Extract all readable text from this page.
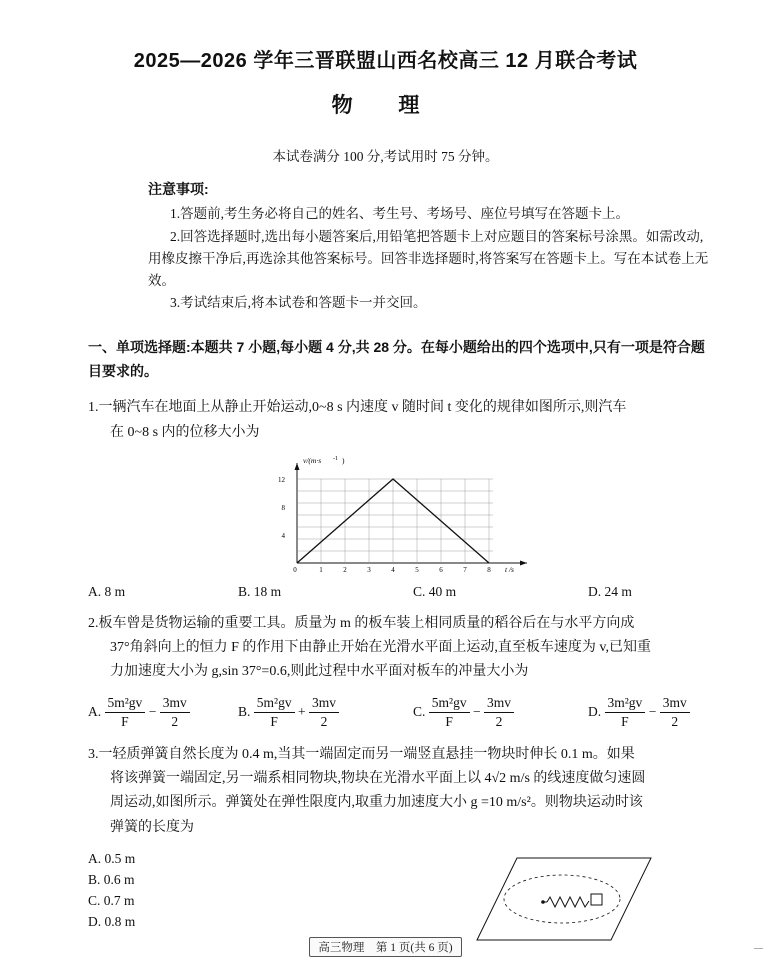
2025—2026 学年三晋联盟山西名校高三 12 月联合考试
物 理
本试卷满分 100 分,考试用时 75 分钟。
注意事项:

1.答题前,考生务必将自己的姓名、考生号、考场号、座位号填写在答题卡上。

2.回答选择题时,选出每小题答案后,用铅笔把答题卡上对应题目的答案标号涂黑。如需改动,用橡皮擦干净后,再选涂其他答案标号。回答非选择题时,将答案写在答题卡上。写在本试卷上无效。

3.考试结束后,将本试卷和答题卡一并交回。

一、单项选择题:本题共 7 小题,每小题 4 分,共 28 分。在每小题给出的四个选项中,只有一项是符合题目要求的。
1.一辆汽车在地面上从静止开始运动,0~8 s 内速度 v 随时间 t 变化的规律如图所示,则汽车
在 0~8 s 内的位移大小为
12
8
4
0	1	2	3	4	5	6	7	8
v/(m·s -1 )
t /s
A. 8 m	B. 18 m	C. 40 m	D. 24 m
2.板车曾是货物运输的重要工具。质量为 m 的板车装上相同质量的稻谷后在与水平方向成
37°角斜向上的恒力 F 的作用下由静止开始在光滑水平面上运动,直至板车速度为 v,已知重
力加速度大小为 g,sin 37°=0.6,则此过程中水平面对板车的冲量大小为
A. $\frac{\text{5m²gv}}{F} - \frac{3mv}{2}$	B. $\frac{\text{5m²gv}}{F} + \frac{3mv}{2}$	C. $\frac{\text{5m²gv}}{F} - \frac{3mv}{2}$	D. $\frac{\text{3m²gv}}{F} - \frac{3mv}{2}$
3.一轻质弹簧自然长度为 0.4 m,当其一端固定而另一端竖直悬挂一物块时伸长 0.1 m。如果
将该弹簧一端固定,另一端系相同物块,物块在光滑水平面上以 4√2 m/s 的线速度做匀速圆
周运动,如图所示。弹簧处在弹性限度内,取重力加速度大小 g =10 m/s²。则物块运动时该
弹簧的长度为
A. 0.5 m
B. 0.6 m
C. 0.7 m
D. 0.8 m
高三物理 第 1 页(共 6 页)	—
